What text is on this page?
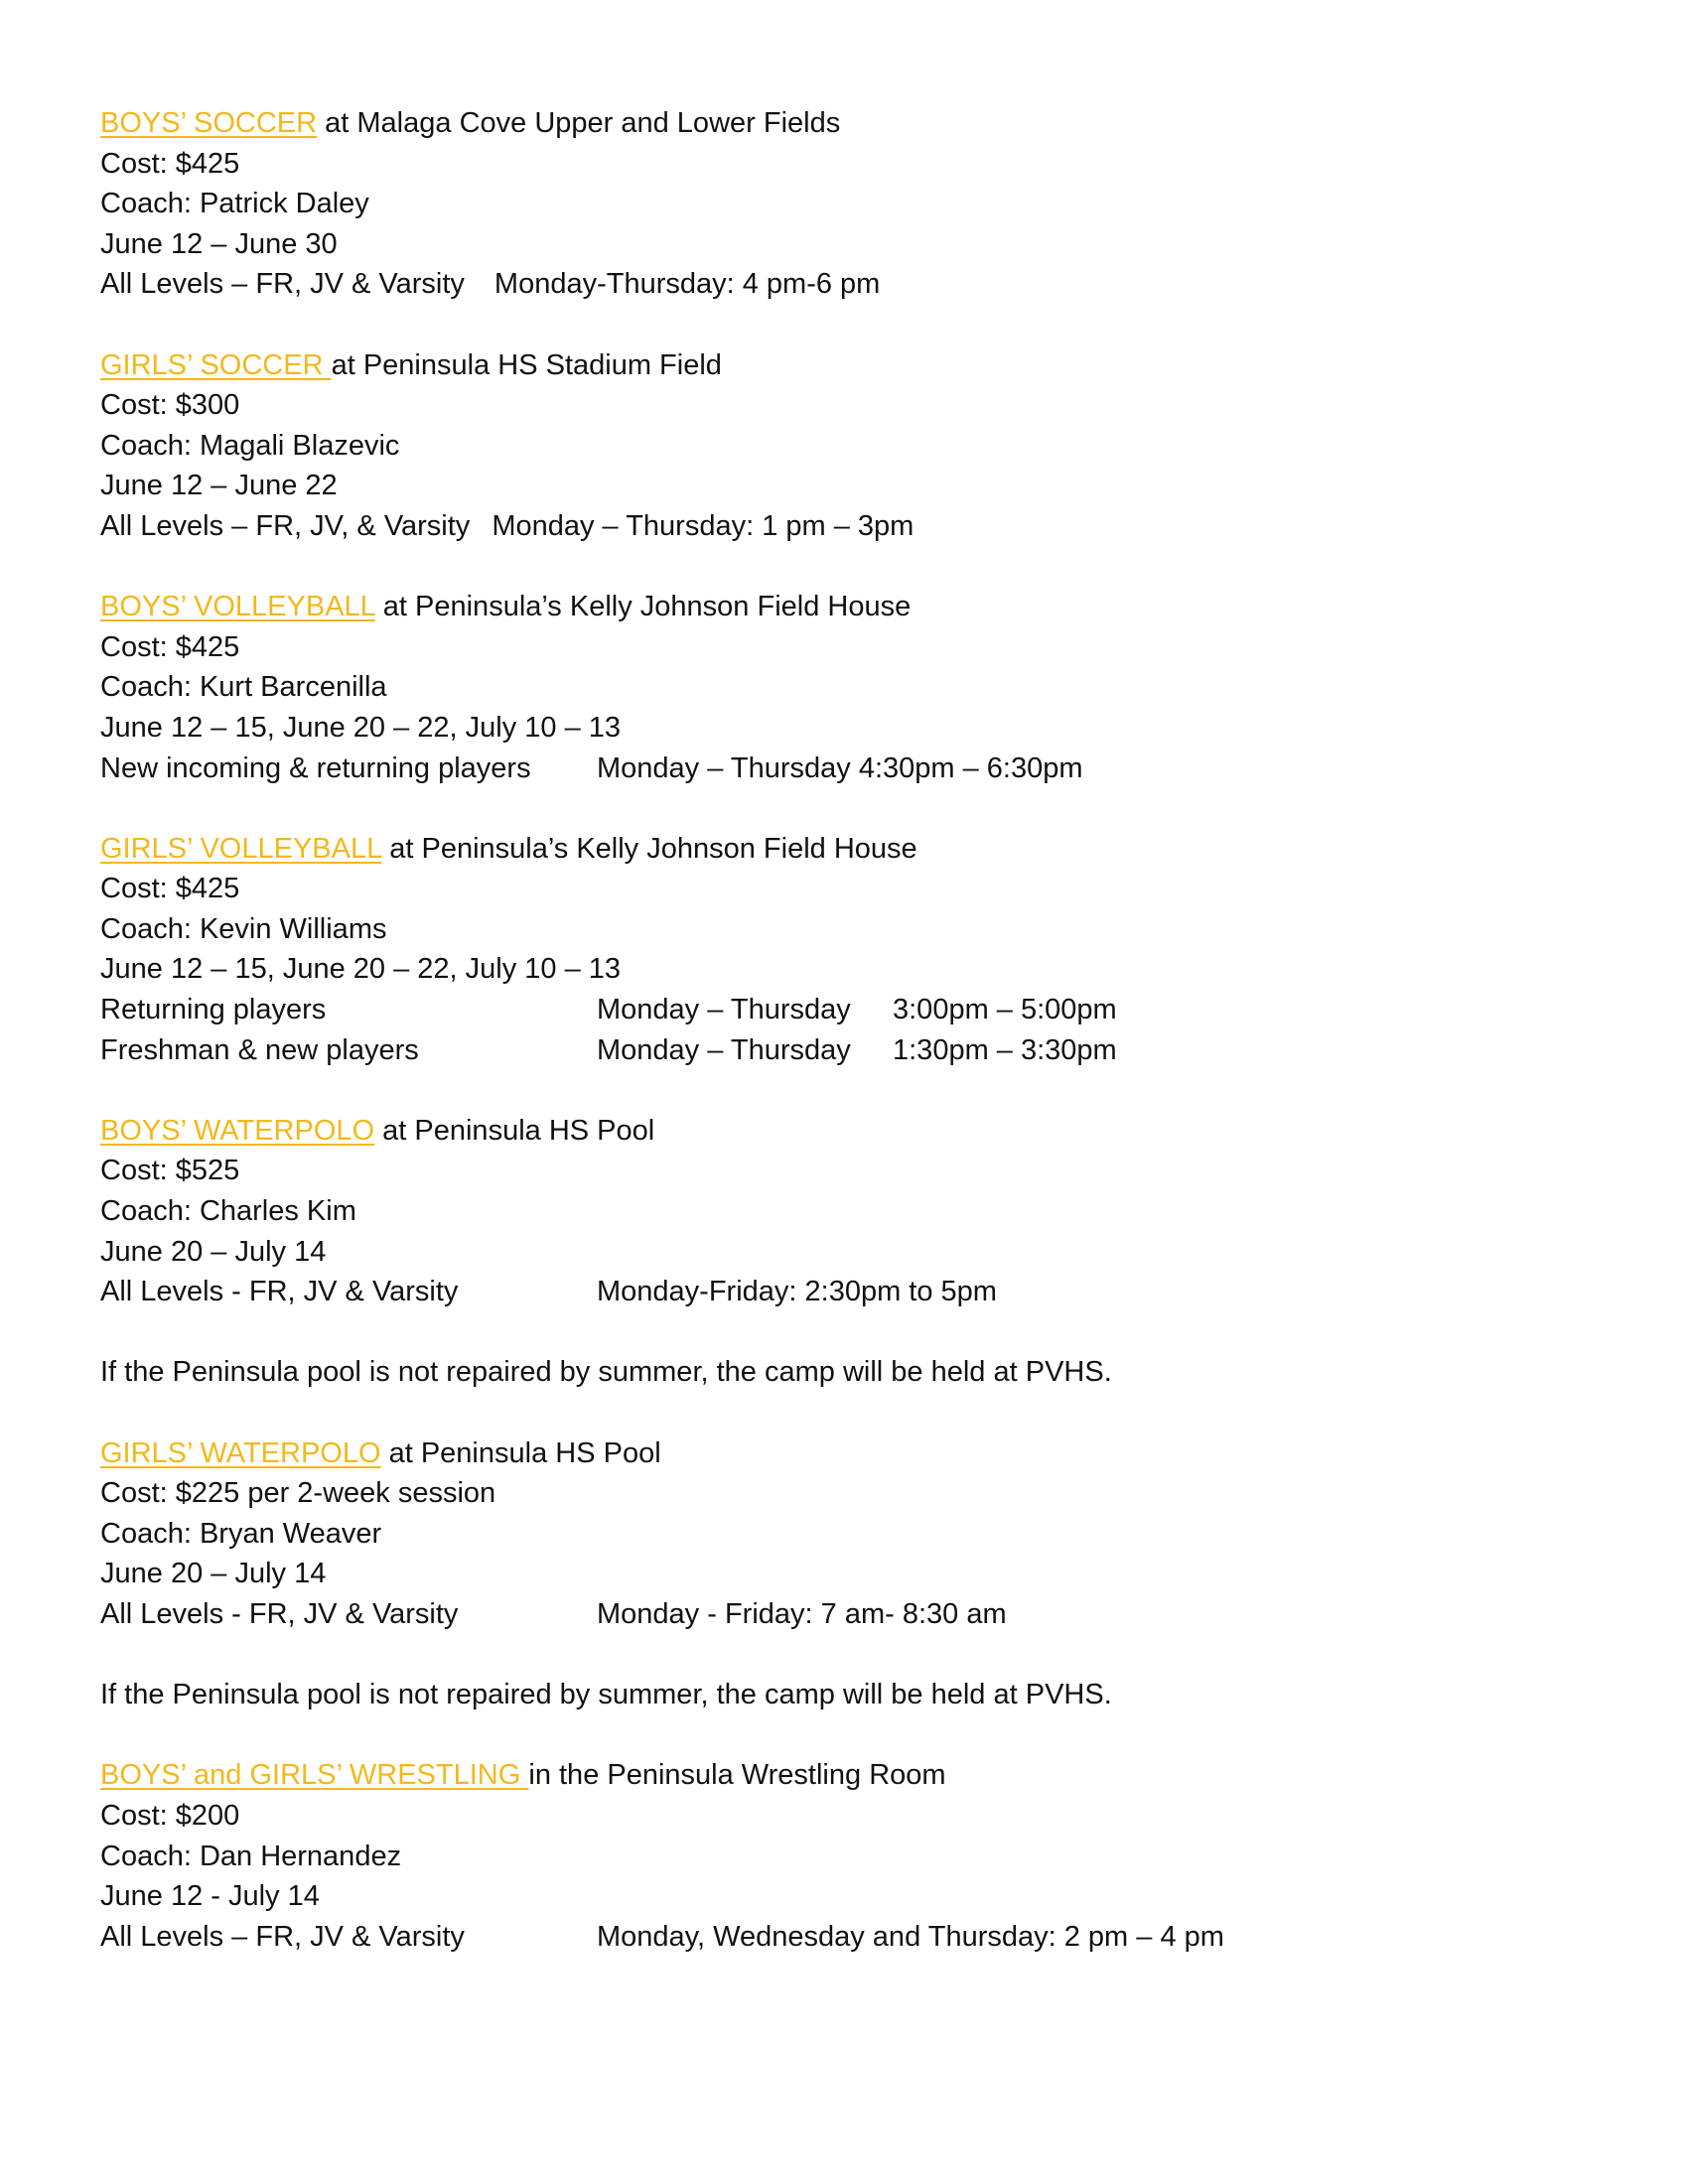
BOYS’ SOCCER at Malaga Cove Upper and Lower Fields
Cost: $425
Coach: Patrick Daley
June 12 – June 30
All Levels – FR, JV & Varsity Monday-Thursday: 4 pm-6 pm
GIRLS’ SOCCER at Peninsula HS Stadium Field
Cost: $300
Coach: Magali Blazevic
June 12 – June 22
All Levels – FR, JV, & Varsity Monday – Thursday: 1 pm – 3pm
BOYS’ VOLLEYBALL at Peninsula’s Kelly Johnson Field House
Cost: $425
Coach: Kurt Barcenilla
June 12 – 15, June 20 – 22, July 10 – 13
New incoming & returning players Monday – Thursday 4:30pm – 6:30pm
GIRLS’ VOLLEYBALL at Peninsula’s Kelly Johnson Field House
Cost: $425
Coach: Kevin Williams
June 12 – 15, June 20 – 22, July 10 – 13
Returning players	Monday – Thursday 3:00pm – 5:00pm
Freshman & new players	Monday – Thursday 1:30pm – 3:30pm
BOYS’ WATERPOLO at Peninsula HS Pool
Cost: $525
Coach: Charles Kim
June 20 – July 14
All Levels - FR, JV & Varsity	Monday-Friday: 2:30pm to 5pm
If the Peninsula pool is not repaired by summer, the camp will be held at PVHS.
GIRLS’ WATERPOLO at Peninsula HS Pool
Cost: $225 per 2-week session
Coach: Bryan Weaver
June 20 – July 14
All Levels - FR, JV & Varsity	Monday - Friday: 7 am- 8:30 am
If the Peninsula pool is not repaired by summer, the camp will be held at PVHS.
BOYS’ and GIRLS’ WRESTLING in the Peninsula Wrestling Room
Cost: $200
Coach: Dan Hernandez
June 12 - July 14
All Levels – FR, JV & Varsity	Monday, Wednesday and Thursday: 2 pm – 4 pm
